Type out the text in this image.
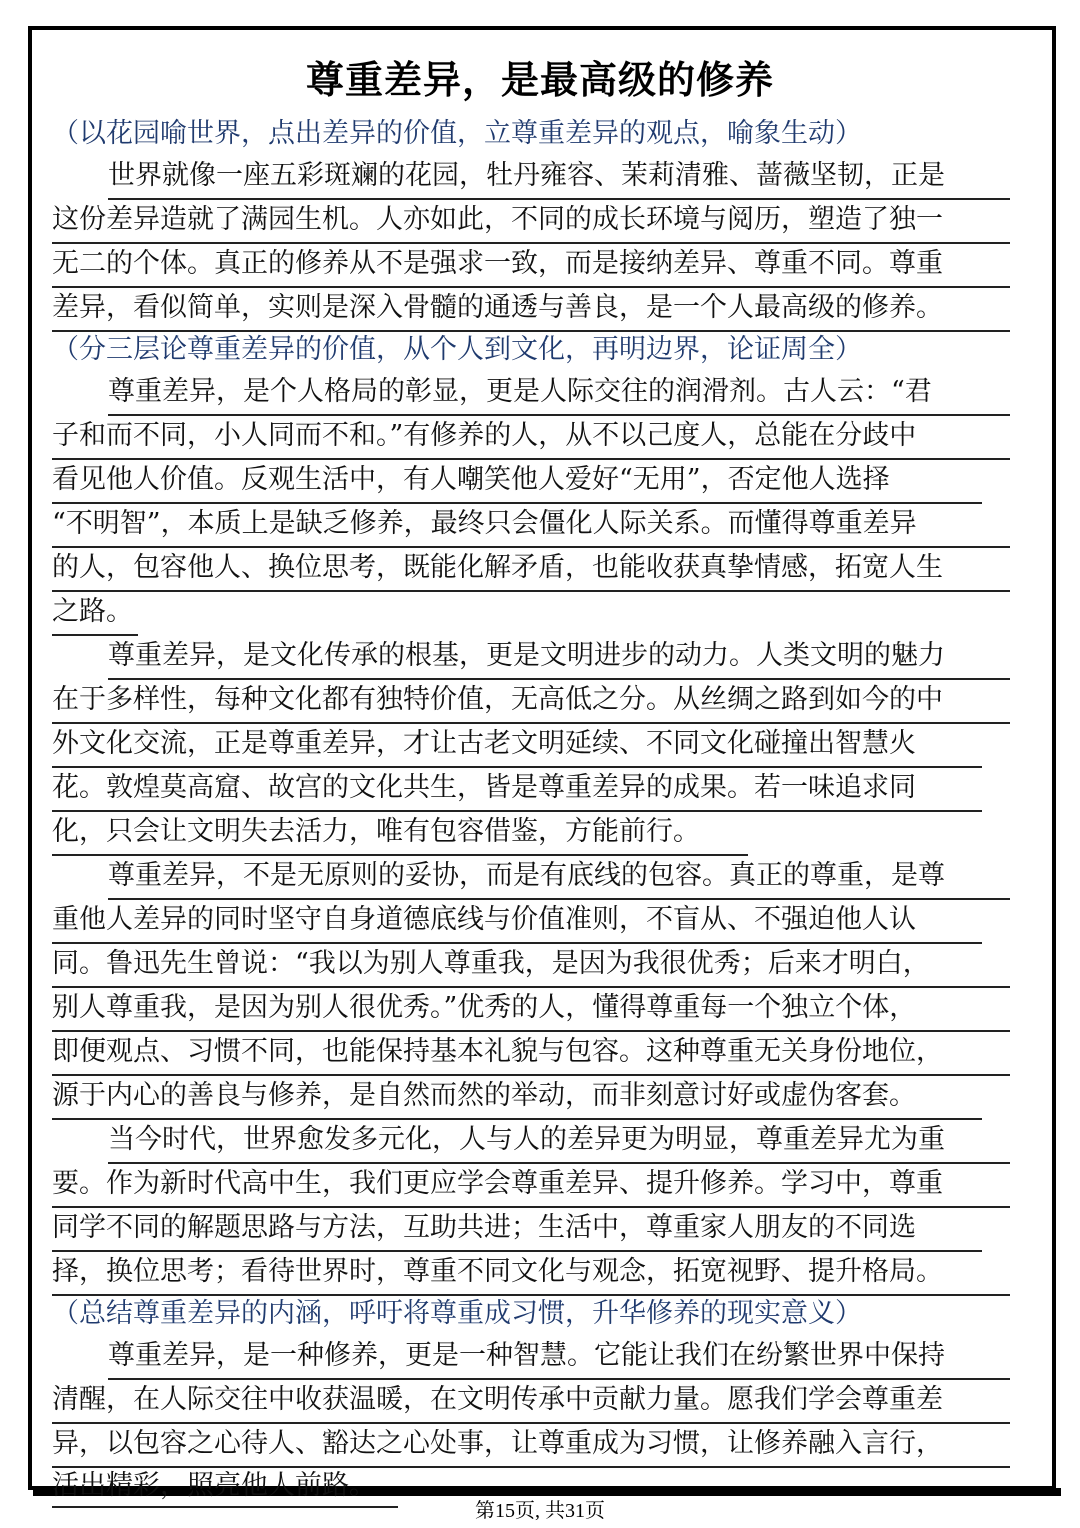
尊重差异，是最高级的修养
（以花园喻世界，点出差异的价值，立尊重差异的观点，喻象生动）
世界就像一座五彩斑斓的花园，牡丹雍容、茉莉清雅、蔷薇坚韧，正是
这份差异造就了满园生机。人亦如此，不同的成长环境与阅历，塑造了独一
无二的个体。真正的修养从不是强求一致，而是接纳差异、尊重不同。尊重
差异，看似简单，实则是深入骨髓的通透与善良，是一个人最高级的修养。
（分三层论尊重差异的价值，从个人到文化，再明边界，论证周全）
尊重差异，是个人格局的彰显，更是人际交往的润滑剂。古人云：“君
子和而不同，小人同而不和。”有修养的人，从不以己度人，总能在分歧中
看见他人价值。反观生活中，有人嘲笑他人爱好“无用”，否定他人选择
“不明智”，本质上是缺乏修养，最终只会僵化人际关系。而懂得尊重差异
的人，包容他人、换位思考，既能化解矛盾，也能收获真挚情感，拓宽人生
之路。
尊重差异，是文化传承的根基，更是文明进步的动力。人类文明的魅力
在于多样性，每种文化都有独特价值，无高低之分。从丝绸之路到如今的中
外文化交流，正是尊重差异，才让古老文明延续、不同文化碰撞出智慧火
花。敦煌莫高窟、故宫的文化共生，皆是尊重差异的成果。若一味追求同
化，只会让文明失去活力，唯有包容借鉴，方能前行。
尊重差异，不是无原则的妥协，而是有底线的包容。真正的尊重，是尊
重他人差异的同时坚守自身道德底线与价值准则，不盲从、不强迫他人认
同。鲁迅先生曾说：“我以为别人尊重我，是因为我很优秀；后来才明白，
别人尊重我，是因为别人很优秀。”优秀的人，懂得尊重每一个独立个体，
即便观点、习惯不同，也能保持基本礼貌与包容。这种尊重无关身份地位，
源于内心的善良与修养，是自然而然的举动，而非刻意讨好或虚伪客套。
当今时代，世界愈发多元化，人与人的差异更为明显，尊重差异尤为重
要。作为新时代高中生，我们更应学会尊重差异、提升修养。学习中，尊重
同学不同的解题思路与方法，互助共进；生活中，尊重家人朋友的不同选
择，换位思考；看待世界时，尊重不同文化与观念，拓宽视野、提升格局。
（总结尊重差异的内涵，呼吁将尊重成习惯，升华修养的现实意义）
尊重差异，是一种修养，更是一种智慧。它能让我们在纷繁世界中保持
清醒，在人际交往中收获温暖，在文明传承中贡献力量。愿我们学会尊重差
异，以包容之心待人、豁达之心处事，让尊重成为习惯，让修养融入言行，
活出精彩，照亮他人前路。
第15页, 共31页
